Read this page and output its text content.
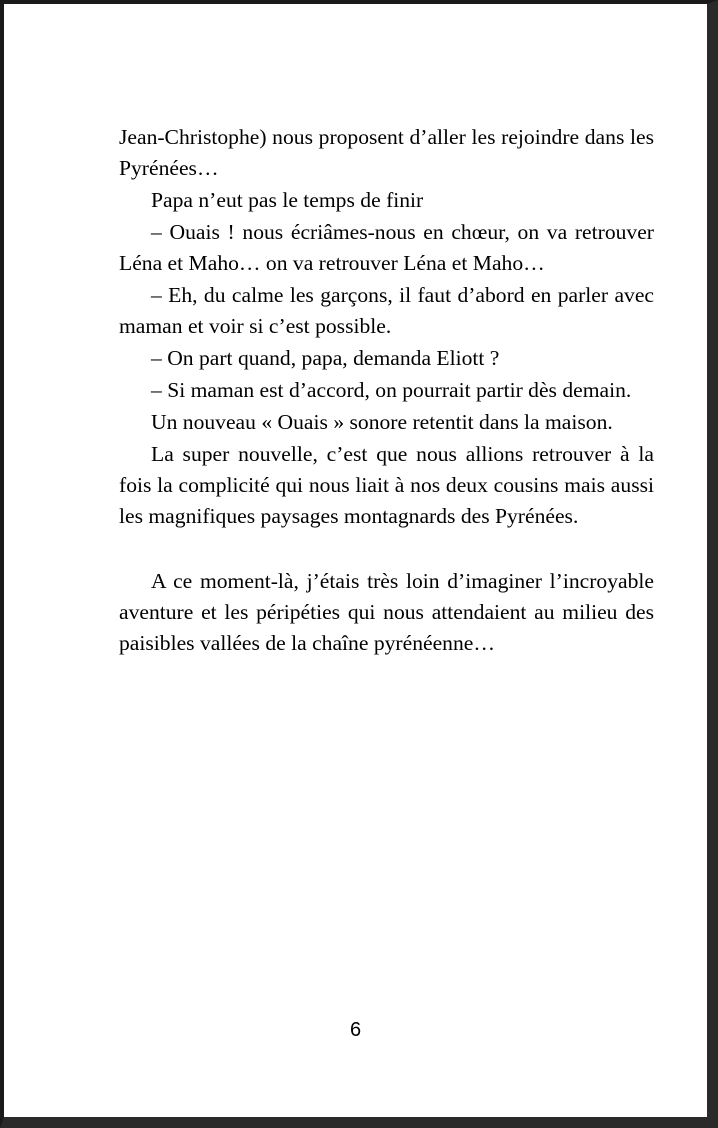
Jean-Christophe) nous proposent d’aller les rejoindre dans les Pyrénées…

Papa n’eut pas le temps de finir

– Ouais ! nous écriâmes-nous en chœur, on va retrouver Léna et Maho… on va retrouver Léna et Maho…

– Eh, du calme les garçons, il faut d’abord en parler avec maman et voir si c’est possible.

– On part quand, papa, demanda Eliott ?

– Si maman est d’accord, on pourrait partir dès demain.

Un nouveau « Ouais » sonore retentit dans la maison.

La super nouvelle, c’est que nous allions retrouver à la fois la complicité qui nous liait à nos deux cousins mais aussi les magnifiques paysages montagnards des Pyrénées.

A ce moment-là, j’étais très loin d’imaginer l’incroyable aventure et les péripéties qui nous attendaient au milieu des paisibles vallées de la chaîne pyrénéenne…

6
